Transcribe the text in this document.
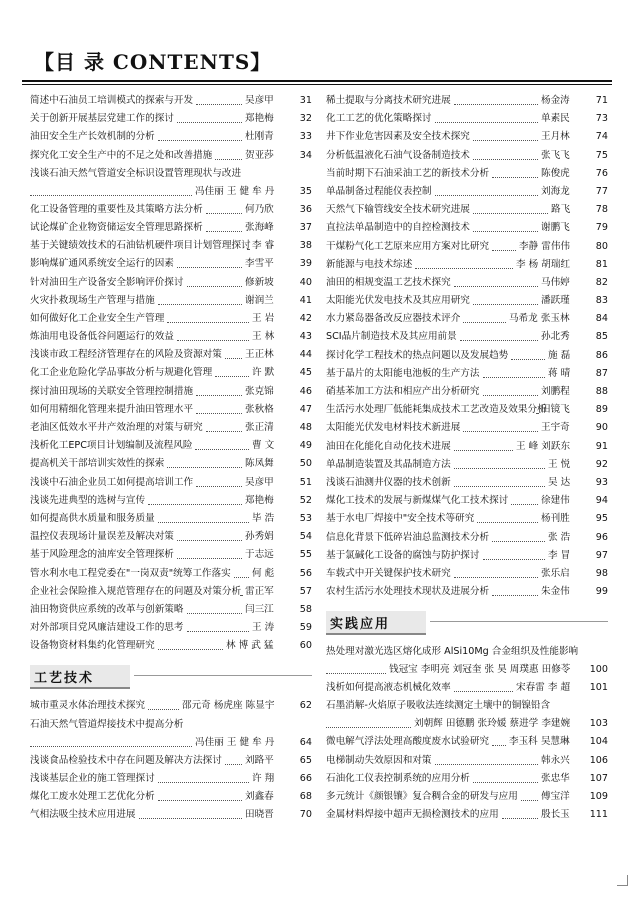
【目 录 CONTENTS】
简述中石油员工培训模式的探索与开发	吴彦甲	31
关于创新开展基层党建工作的探讨	郑艳梅	32
油田安全生产长效机制的分析	杜刚青	33
探究化工安全生产中的不足之处和改善措施	贺亚莎	34
浅谈石油天然气管道安全标识设置管理现状与改进
冯佳丽 王 健 牟 丹	35
化工设备管理的重要性及其策略方法分析	何乃欣	36
试论煤矿企业物资储运安全管理思路探析	张海峰	37
基于关键绩效技术的石油钻机硬件项目计划管理探讨 李 睿	38
影响煤矿通风系统安全运行的因素	李雪平	39
针对油田生产设备安全影响评价探讨	修新坡	40
火灾扑救现场生产管理与措施	谢润兰	41
如何做好化工企业安全生产管理	王 岩	42
炼油用电设备低谷问题运行的效益	王 林	43
浅谈市政工程经济管理存在的风险及资源对策 王正林	44
化工企业危险化学品事故分析与规避化管理	许 默	45
探讨油田现场的关联安全管理控制措施	张克锦	46
如何用精细化管理来提升油田管理水平	张秋格	47
老油区低效水平井产效治理的对策与研究	张正清	48
浅析化工EPC项目计划编制及流程风险	曹 文	49
提高机关干部培训实效性的探索	陈凤舞	50
浅谈中石油企业员工如何提高培训工作	吴彦甲	51
浅谈先进典型的选树与宣传	郑艳梅	52
如何提高供水质量和服务质量	毕 浩	53
温控仪表现场计量误差及解决对策	孙秀娟	54
基于风险理念的油库安全管理探析	于志远	55
管水利水电工程党委在"一岗双责"统筹工作落实 何 彪	56
企业社会保险推入规范管理存在的问题及对策分析 雷正军	57
油田物资供应系统的改革与创新策略	闫三江	58
对外部项目党风廉洁建设工作的思考	王 涛	59
设备物资材料集约化管理研究	林 博 武 猛	60
工艺技术
城市重灵水体治理技术探究	邵元奇 杨虎座 陈显宇	62
石油天然气管道焊接技术中提高分析
冯佳丽 王 健 牟 丹	64
浅谈食品检验技术中存在问题及解决方法探讨 刘路平	65
浅谈基层企业的施工管理探讨	许 翔	66
煤化工废水处理工艺优化分析	刘鑫春	68
气相法吸尘技术应用进展	田晓晋	70
稀土提取与分离技术研究进展	杨金涛	71
化工工艺的优化策略探讨	单素民	73
井下作业危害因素及安全技术探究	王月林	74
分析低温液化石油气设备制造技术	张飞飞	75
当前时期下石油采油工艺的新技术分析	陈俊虎	76
单晶制备过程能仪表控制	刘海龙	77
天然气下输管线安全技术研究进展	路飞	78
直拉法单晶制造中的自控检测技术	谢鹏飞	79
干煤粉气化工艺原来应用方案对比研究	李静 雷伟伟	80
新能源与电技术综述	李 杨 胡瑞红	81
油田的相规变温工艺技术探究	马伟婷	82
太阳能光伏发电技术及其应用研究	潘跃瑾	83
水力紧岛器备改反应器技术评介	马希龙 张玉林	84
SCI晶片制造技术及其应用前景	孙北秀	85
探讨化学工程技术的热点问题以及发展趋势	施 磊	86
基于晶片的太阳能电池板的生产方法	蒋 晴	87
硝基苯加工方法和相应产出分析研究	刘鹏程	88
生活污水处理厂低能耗集成技术工艺改造及效果分析
田镜飞	89
太阳能光伏发电材料技术新进展	王宇奇	90
油田在化能化自动化技术进展	王 峰 刘跃东	91
单晶制造装置及其晶制造方法	王 悦	92
浅谈石油测井仪器的技术创新	吴 达	93
煤化工技术的发展与新煤煤气化工技术探讨	徐建伟	94
基于水电厂焊接中"安全技术等研究	杨刊胜	95
信息化背景下低碎岩油总监测技术分析	张 浩	96
基于氯碱化工设备的腐蚀与防护探讨	李 冒	97
车载式中开关键保护技术研究	张乐启	98
农村生活污水处理技术现状及进展分析	朱金伟	99
实践应用
热处理对激光选区熔化成形 AlSi10Mg 合金组织及性能影响
钱冠宝 李明亮 刘冠奎 张 昊 周璞惠 田修苓	100
浅析如何提高液态机械化效率	宋春雷 李 超	101
石墨消解-火焰原子吸收法连续测定土壤中的铜镍铅含
刘朝辉 田德鹏 张玲媛 蔡进学 李建婉	103
微电解气浮法处理高酸度废水试验研究 李玉科 吴慧琳	104
电梯制动失效原因和对策	韩永兴	106
石油化工仪表控制系统的应用分析	张忠华	107
多元统计《颜银镶》复合稠合金的研发与应用 傅宝洋	109
金属材料焊接中超声无损检测技术的应用	殷长玉	111
